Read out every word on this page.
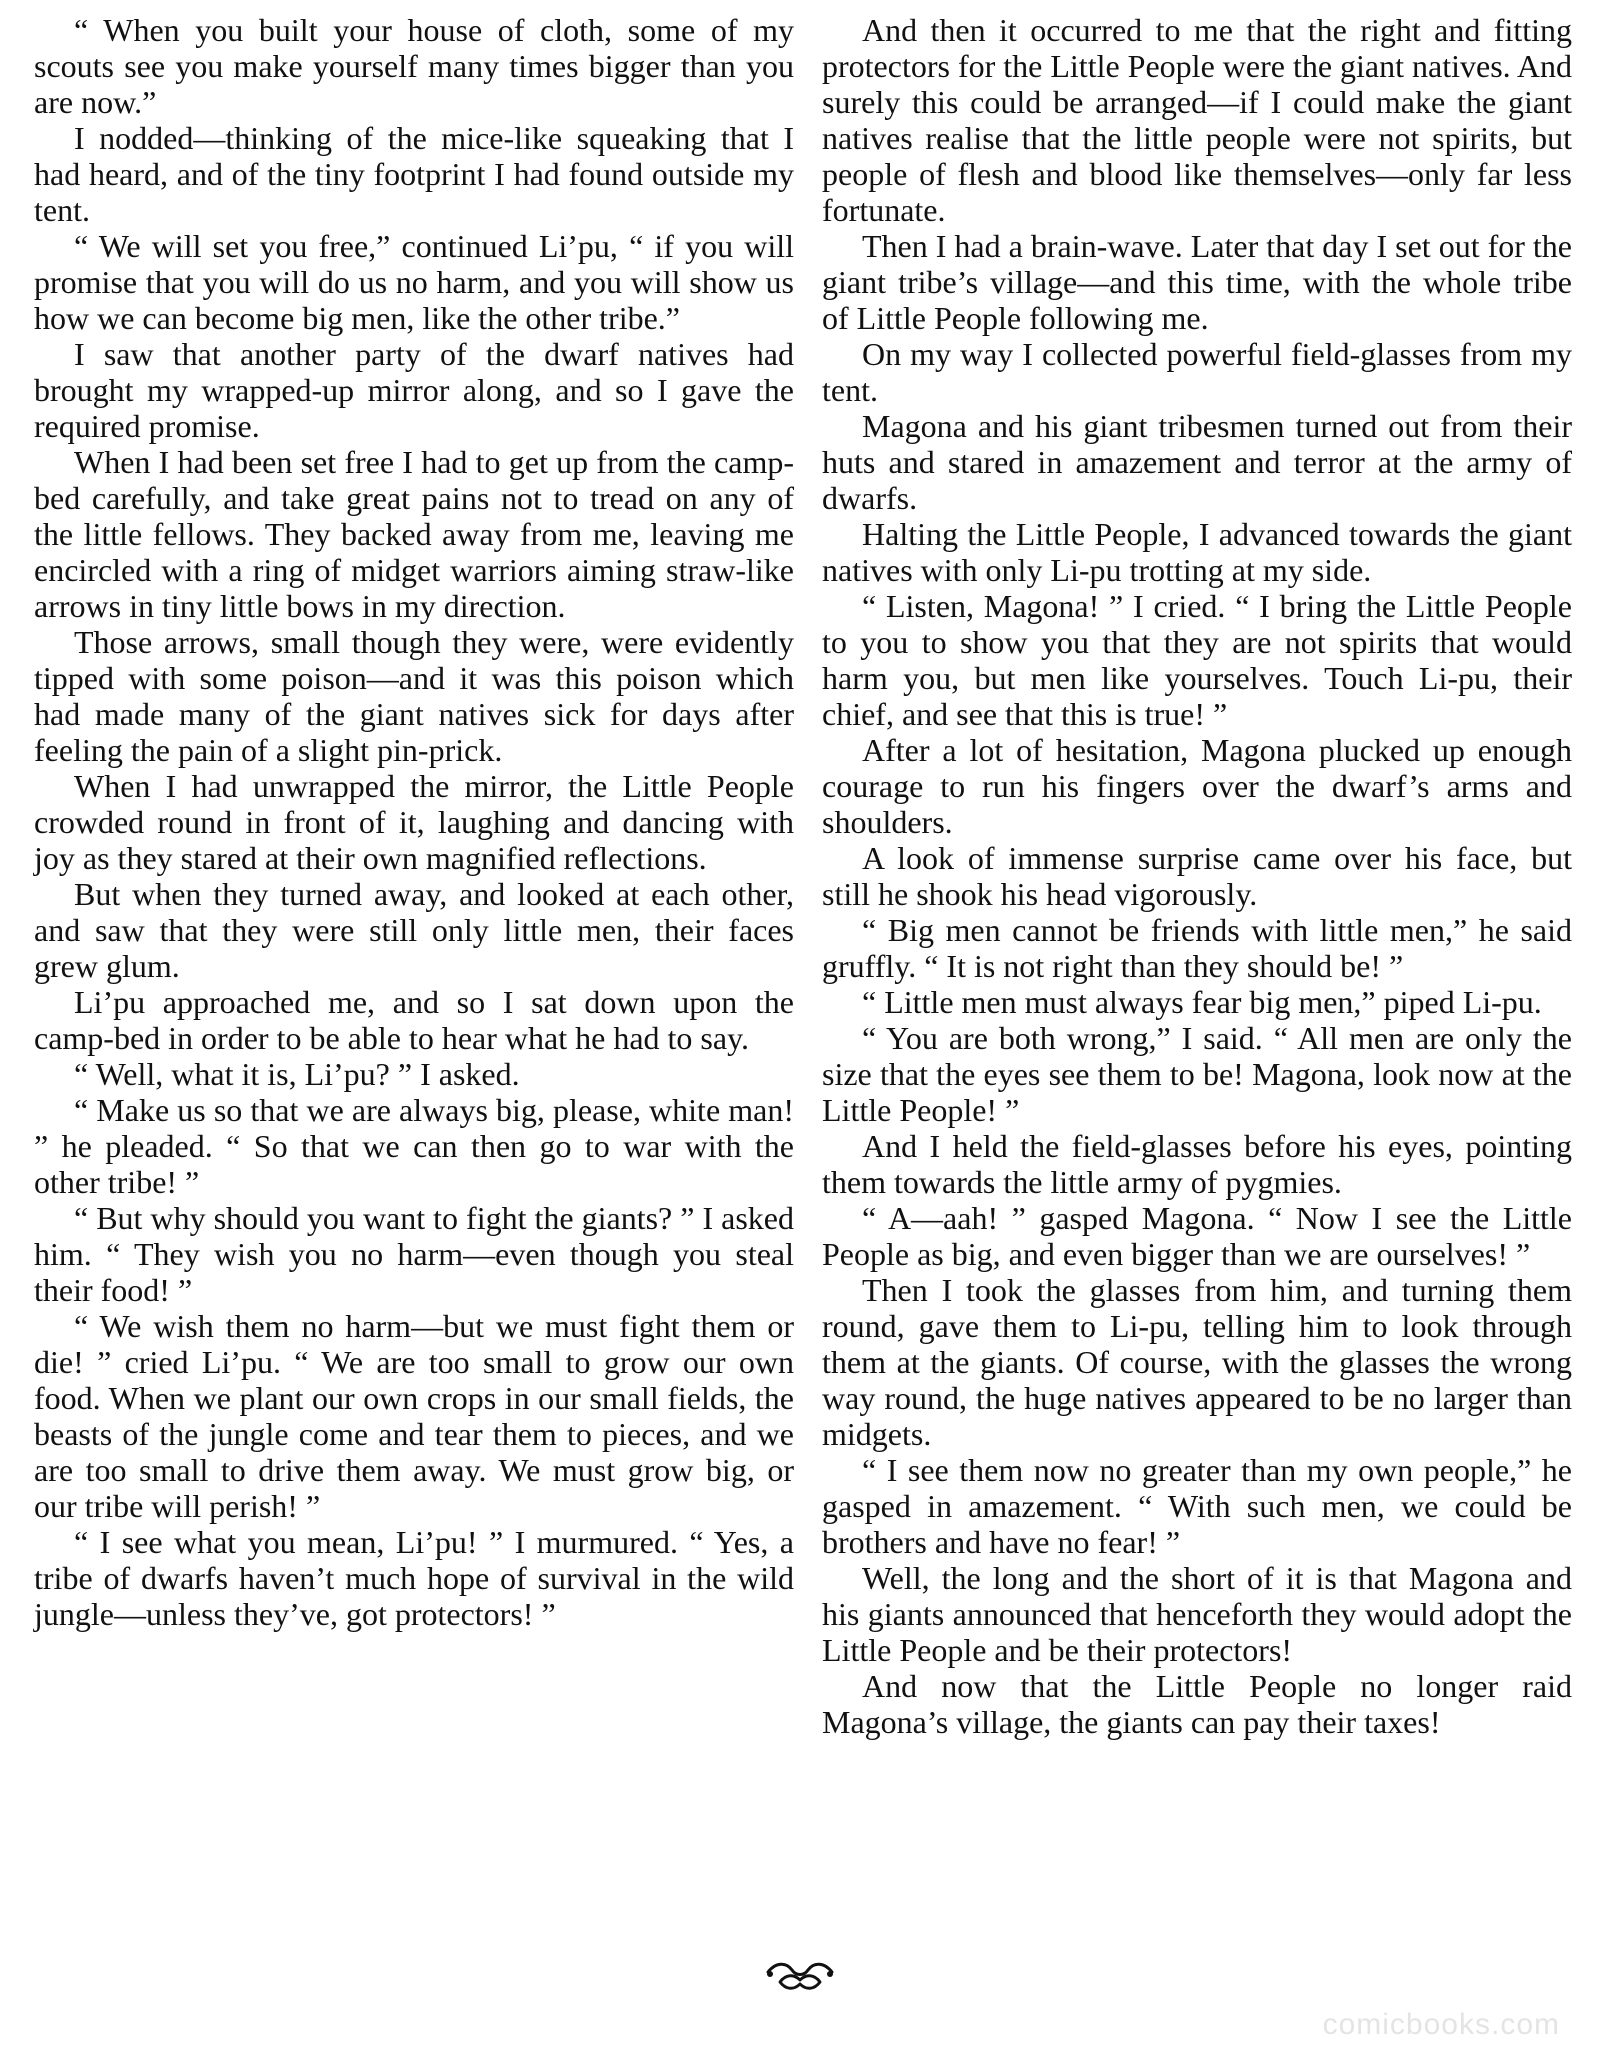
“ When you built your house of cloth, some of my scouts see you make yourself many times bigger than you are now.”

I nodded—thinking of the mice-like squeaking that I had heard, and of the tiny footprint I had found outside my tent.

“ We will set you free,” continued Li’pu, “ if you will promise that you will do us no harm, and you will show us how we can become big men, like the other tribe.”

I saw that another party of the dwarf natives had brought my wrapped-up mirror along, and so I gave the required promise.

When I had been set free I had to get up from the camp-bed carefully, and take great pains not to tread on any of the little fellows. They backed away from me, leaving me encircled with a ring of midget warriors aiming straw-like arrows in tiny little bows in my direction.

Those arrows, small though they were, were evidently tipped with some poison—and it was this poison which had made many of the giant natives sick for days after feeling the pain of a slight pin-prick.

When I had unwrapped the mirror, the Little People crowded round in front of it, laughing and dancing with joy as they stared at their own magnified reflections.

But when they turned away, and looked at each other, and saw that they were still only little men, their faces grew glum.

Li’pu approached me, and so I sat down upon the camp-bed in order to be able to hear what he had to say.

“ Well, what it is, Li’pu? ” I asked.

“ Make us so that we are always big, please, white man! ” he pleaded. “ So that we can then go to war with the other tribe! ”

“ But why should you want to fight the giants? ” I asked him. “ They wish you no harm—even though you steal their food! ”

“ We wish them no harm—but we must fight them or die! ” cried Li’pu. “ We are too small to grow our own food. When we plant our own crops in our small fields, the beasts of the jungle come and tear them to pieces, and we are too small to drive them away. We must grow big, or our tribe will perish! ”

“ I see what you mean, Li’pu! ” I murmured. “ Yes, a tribe of dwarfs haven’t much hope of survival in the wild jungle—unless they’ve, got protectors! ”

And then it occurred to me that the right and fitting protectors for the Little People were the giant natives. And surely this could be arranged—if I could make the giant natives realise that the little people were not spirits, but people of flesh and blood like themselves—only far less fortunate.

Then I had a brain-wave. Later that day I set out for the giant tribe’s village—and this time, with the whole tribe of Little People following me.

On my way I collected powerful field-glasses from my tent.

Magona and his giant tribesmen turned out from their huts and stared in amazement and terror at the army of dwarfs.

Halting the Little People, I advanced towards the giant natives with only Li-pu trotting at my side.

“ Listen, Magona! ” I cried. “ I bring the Little People to you to show you that they are not spirits that would harm you, but men like yourselves. Touch Li-pu, their chief, and see that this is true! ”

After a lot of hesitation, Magona plucked up enough courage to run his fingers over the dwarf’s arms and shoulders.

A look of immense surprise came over his face, but still he shook his head vigorously.

“ Big men cannot be friends with little men,” he said gruffly. “ It is not right than they should be! ”

“ Little men must always fear big men,” piped Li-pu.

“ You are both wrong,” I said. “ All men are only the size that the eyes see them to be! Magona, look now at the Little People! ”

And I held the field-glasses before his eyes, pointing them towards the little army of pygmies.

“ A—aah! ” gasped Magona. “ Now I see the Little People as big, and even bigger than we are ourselves! ”

Then I took the glasses from him, and turning them round, gave them to Li-pu, telling him to look through them at the giants. Of course, with the glasses the wrong way round, the huge natives appeared to be no larger than midgets.

“ I see them now no greater than my own people,” he gasped in amazement. “ With such men, we could be brothers and have no fear! ”

Well, the long and the short of it is that Magona and his giants announced that henceforth they would adopt the Little People and be their protectors!

And now that the Little People no longer raid Magona’s village, the giants can pay their taxes!

comicbooks.com
